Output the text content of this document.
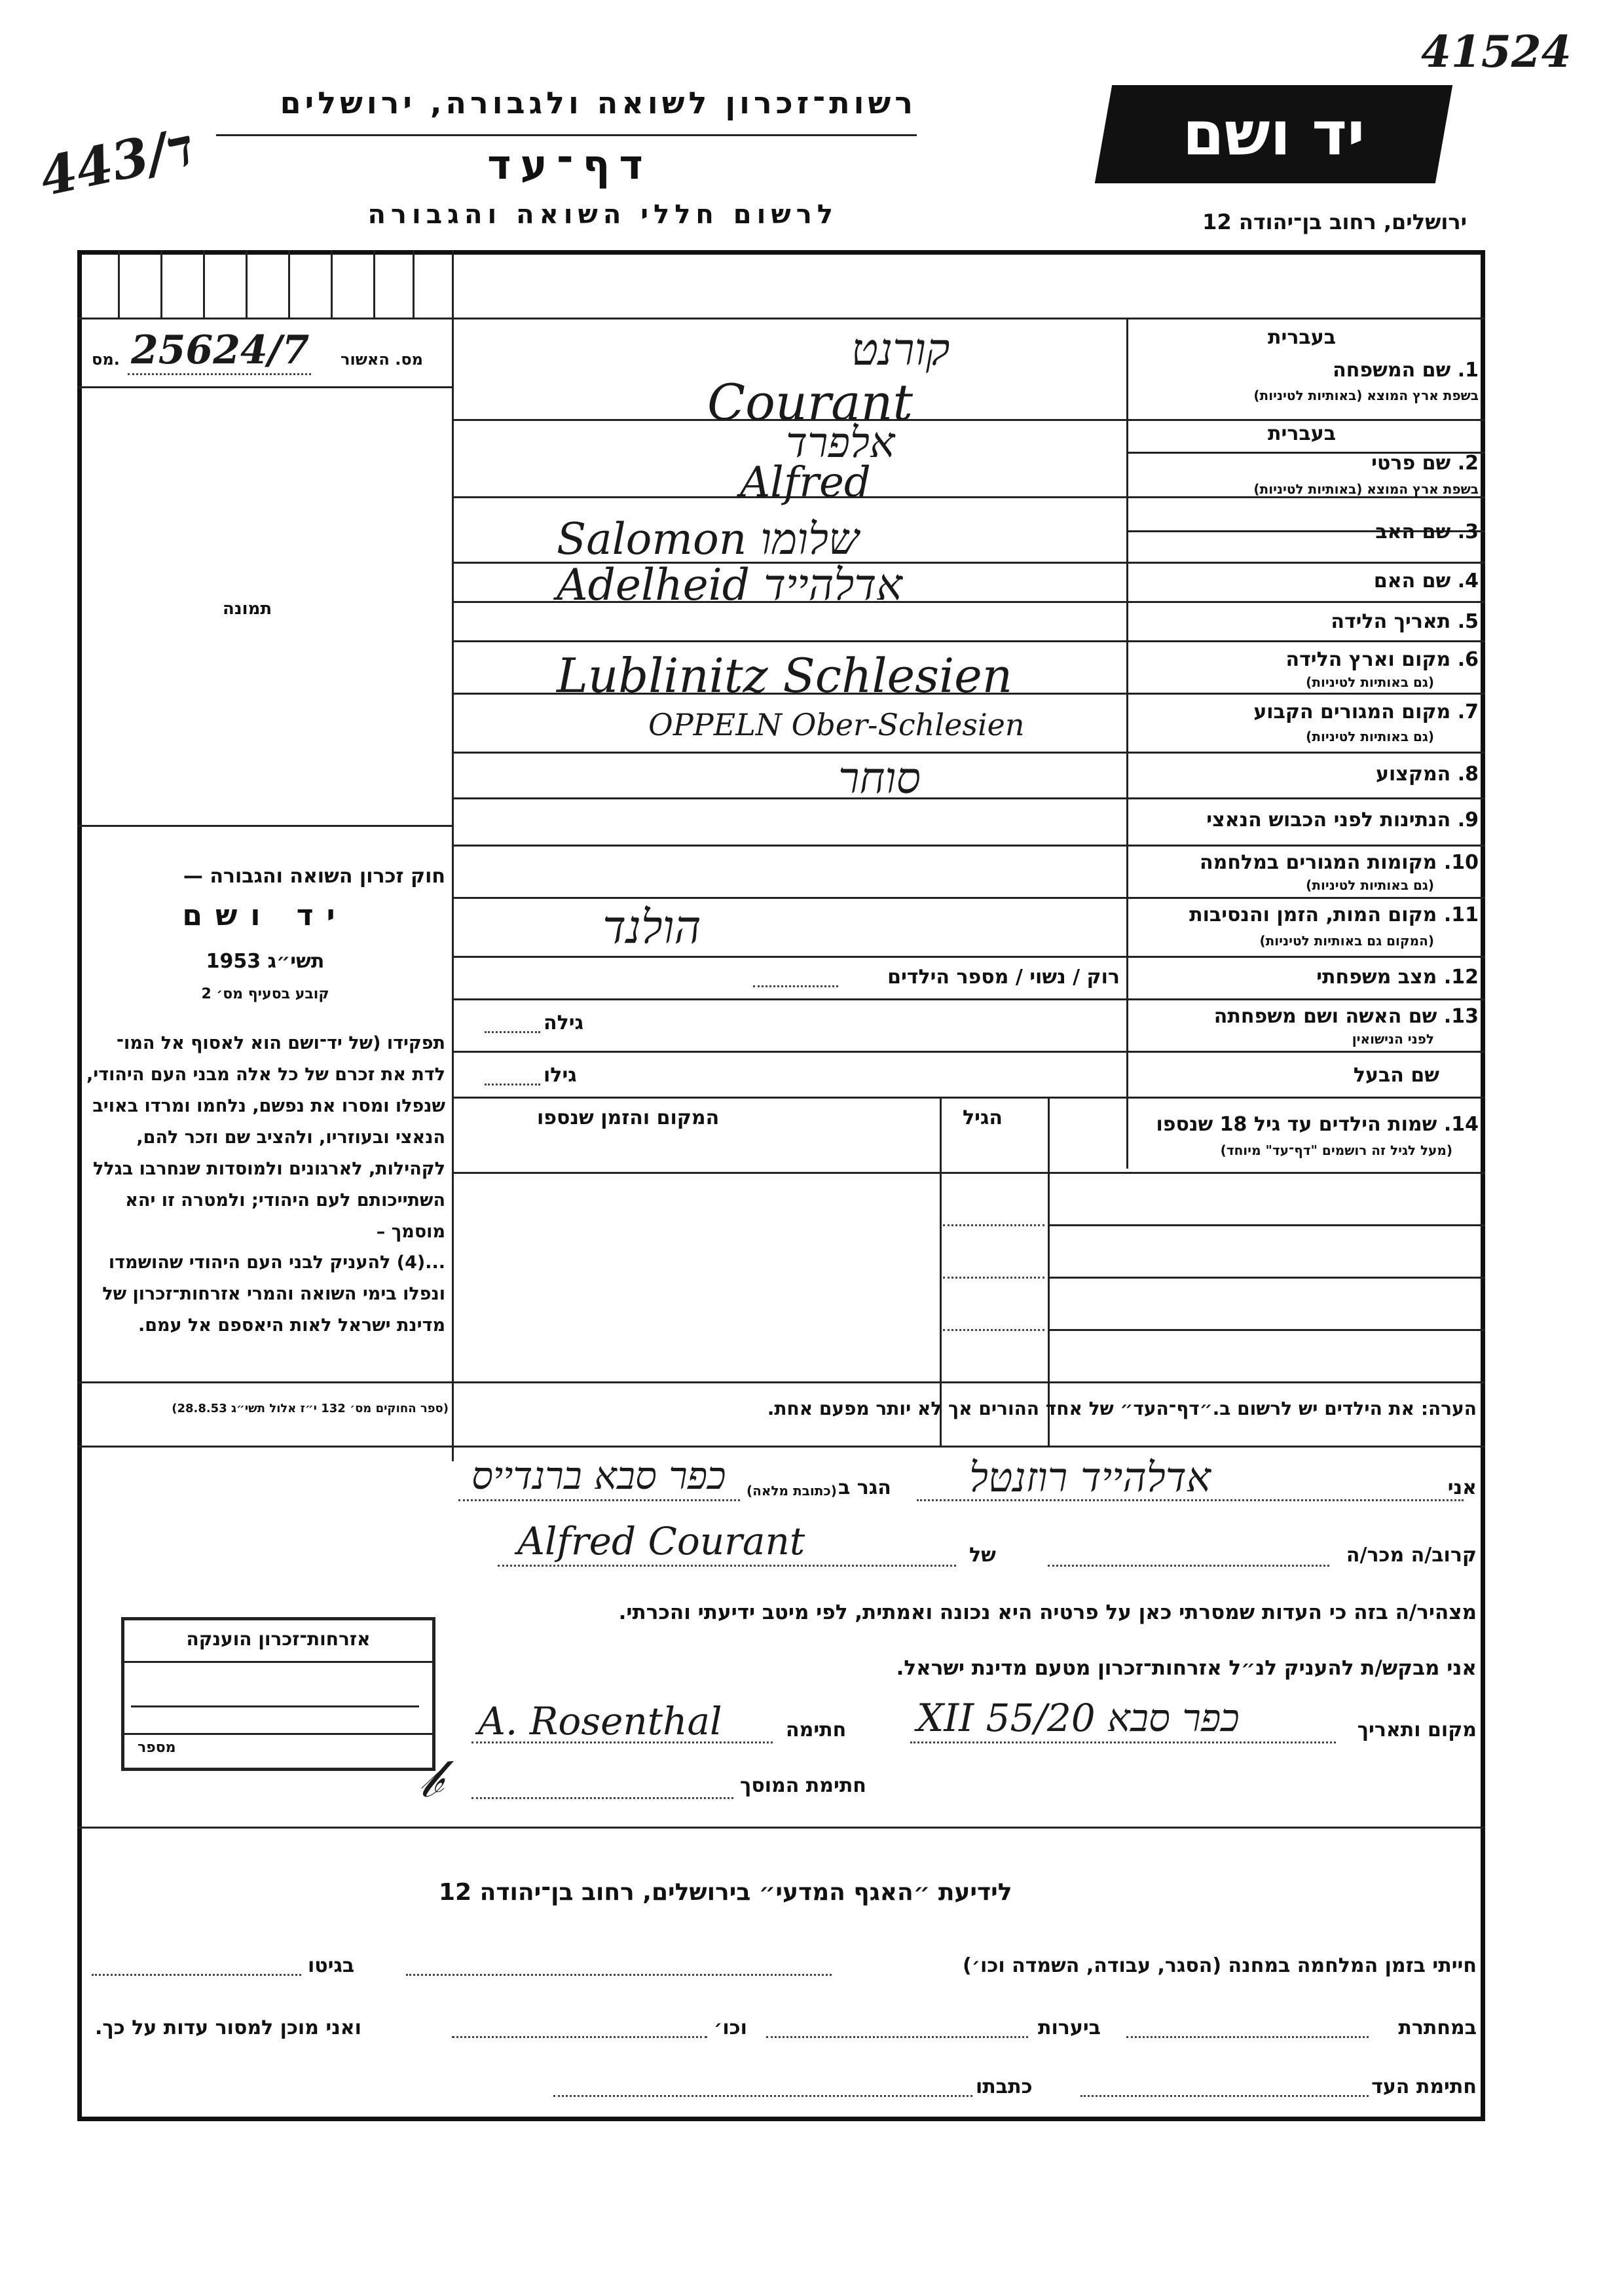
41524
443/ד
רשות־זכרון לשואה ולגבורה, ירושלים
דף־עד
לרשום חללי השואה והגבורה
יד ושם
ירושלים, רחוב בן־יהודה 12
מס. 25624/7 מס. האשור
תמונה
בעברית
1. שם המשפחה
בשפת ארץ המוצא (באותיות לטיניות)
בעברית
2. שם פרטי
בשפת ארץ המוצא (באותיות לטיניות)
3. שם האב
4. שם האם
5. תאריך הלידה
6. מקום וארץ הלידה
(גם באותיות לטיניות)
7. מקום המגורים הקבוע
(גם באותיות לטיניות)
8. המקצוע
9. הנתינות לפני הכבוש הנאצי
10. מקומות המגורים במלחמה
(גם באותיות לטיניות)
11. מקום המות, הזמן והנסיבות
(המקום גם באותיות לטיניות)
12. מצב משפחתי
13. שם האשה ושם משפחתה
לפני הנישואין
שם הבעל
14. שמות הילדים עד גיל 18 שנספו
(מעל לגיל זה רושמים "דף־עד" מיוחד)
רוק / נשוי / מספר הילדים
גילה
גילו
הגיל
המקום והזמן שנספו
קורנט
Courant
אלפרד
Alfred
Salomon שלומו
Adelheid אדלהייד
Lublinitz Schlesien
OPPELN Ober-Schlesien
סוחר
הולנד
חוק זכרון השואה והגבורה —
יד ושם
תשי״ג 1953
קובע בסעיף מס׳ 2
תפקידו (של יד־ושם הוא לאסוף אל המו־ לדת את זכרם של כל אלה מבני העם היהודי, שנפלו ומסרו את נפשם, נלחמו ומרדו באויב הנאצי ובעוזריו, ולהציב שם וזכר להם, לקהילות, לארגונים ולמוסדות שנחרבו בגלל השתייכותם לעם היהודי; ולמטרה זו יהא מוסמך –
...(4) להעניק לבני העם היהודי שהושמדו ונפלו בימי השואה והמרי אזרחות־זכרון של מדינת ישראל לאות היאספם אל עמם.
(ספר החוקים מס׳ 132 י״ז אלול תשי״ג 28.8.53)	הערה: את הילדים יש לרשום ב.״דף־העד״ של אחד ההורים אך לא יותר מפעם אחת.
אני
אדלהייד רוזנטל
הגר ב
(כתובת מלאה)
כפר סבא ברנדייס
קרוב/ה מכר/ה
של
Alfred Courant
מצהיר/ה בזה כי העדות שמסרתי כאן על פרטיה היא נכונה ואמתית, לפי מיטב ידיעתי והכרתי.
אני מבקש/ת להעניק לנ״ל אזרחות־זכרון מטעם מדינת ישראל.
מקום ותאריך
כפר סבא 20/XII 55
חתימה
A. Rosenthal
חתימת המוסך
𝒷
אזרחות־זכרון הוענקה
מספר
לידיעת ״האגף המדעי״ בירושלים, רחוב בן־יהודה 12
חייתי בזמן המלחמה במחנה (הסגר, עבודה, השמדה וכו׳)
בגיטו
במחתרת
ביערות
וכו׳
ואני מוכן למסור עדות על כך.
חתימת העד
כתבתו
